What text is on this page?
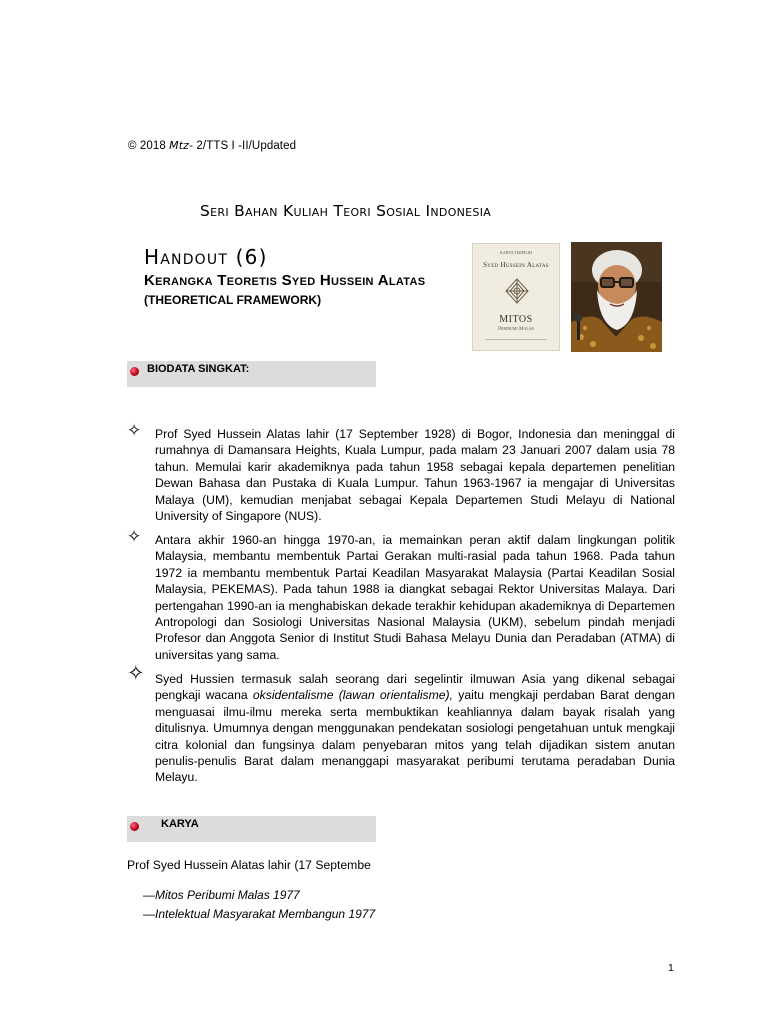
© 2018 Mtz- 2/TTS I -II/Updated
Seri Bahan Kuliah Teori Sosial Indonesia
Handout (6)
Kerangka Teoretis Syed Hussein Alatas
(THEORETICAL FRAMEWORK)
KARYA TERPILIH
Syed Hussein Alatas
MITOS
Peribumi Malas
BIODATA SINGKAT:
✧ Prof Syed Hussein Alatas lahir (17 September 1928) di Bogor, Indonesia dan meninggal di rumahnya di Damansara Heights, Kuala Lumpur, pada malam 23 Januari 2007 dalam usia 78 tahun. Memulai karir akademiknya pada tahun 1958 sebagai kepala departemen penelitian Dewan Bahasa dan Pustaka di Kuala Lumpur. Tahun 1963-1967 ia mengajar di Universitas Malaya (UM), kemudian menjabat sebagai Kepala Departemen Studi Melayu di National University of Singapore (NUS).
✧ Antara akhir 1960-an hingga 1970-an, ia memainkan peran aktif dalam lingkungan politik Malaysia, membantu membentuk Partai Gerakan multi-rasial pada tahun 1968. Pada tahun 1972 ia membantu membentuk Partai Keadilan Masyarakat Malaysia (Partai Keadilan Sosial Malaysia, PEKEMAS). Pada tahun 1988 ia diangkat sebagai Rektor Universitas Malaya. Dari pertengahan 1990-an ia menghabiskan dekade terakhir kehidupan akademiknya di Departemen Antropologi dan Sosiologi Universitas Nasional Malaysia (UKM), sebelum pindah menjadi Profesor dan Anggota Senior di Institut Studi Bahasa Melayu Dunia dan Peradaban (ATMA) di universitas yang sama.
✧ Syed Hussien termasuk salah seorang dari segelintir ilmuwan Asia yang dikenal sebagai pengkaji wacana oksidentalisme (lawan orientalisme), yaitu mengkaji perdaban Barat dengan menguasai ilmu-ilmu mereka serta membuktikan keahliannya dalam bayak risalah yang ditulisnya. Umumnya dengan menggunakan pendekatan sosiologi pengetahuan untuk mengkaji citra kolonial dan fungsinya dalam penyebaran mitos yang telah dijadikan sistem anutan penulis-penulis Barat dalam menanggapi masyarakat peribumi terutama peradaban Dunia Melayu.
KARYA
Prof Syed Hussein Alatas lahir (17 Septembe
—Mitos Peribumi Malas 1977
—Intelektual Masyarakat Membangun 1977
1
